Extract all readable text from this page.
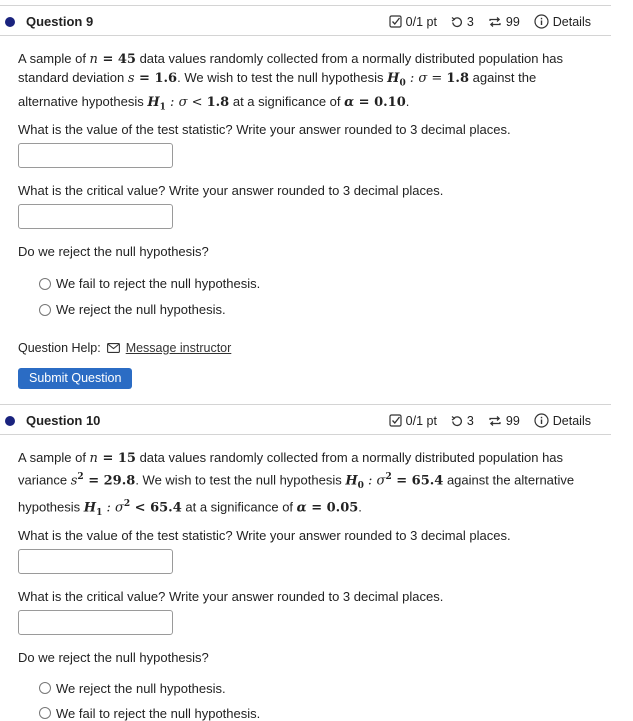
Question 9	0/1 pt 3	99	Details

A sample of n = 45 data values randomly collected from a normally distributed population has standard deviation s = 1.6. We wish to test the null hypothesis $H_0$ : σ = 1.8 against the alternative hypothesis $H_1$ : σ < 1.8 at a significance of α = 0.10.

What is the value of the test statistic? Write your answer rounded to 3 decimal places.

What is the critical value? Write your answer rounded to 3 decimal places.

Do we reject the null hypothesis?

We fail to reject the null hypothesis.
We reject the null hypothesis.
Question Help: Message instructor
Submit Question
Question 10	0/1 pt 3	99	Details

A sample of n = 15 data values randomly collected from a normally distributed population has variance $s^2 = 29.8$. We wish to test the null hypothesis $H_0$ : $\sigma^2 = 65.4$ against the alternative hypothesis $H_1$ : $\sigma^2 < 65.4$ at a significance of α = 0.05.

What is the value of the test statistic? Write your answer rounded to 3 decimal places.

What is the critical value? Write your answer rounded to 3 decimal places.

Do we reject the null hypothesis?

We reject the null hypothesis.
We fail to reject the null hypothesis.
